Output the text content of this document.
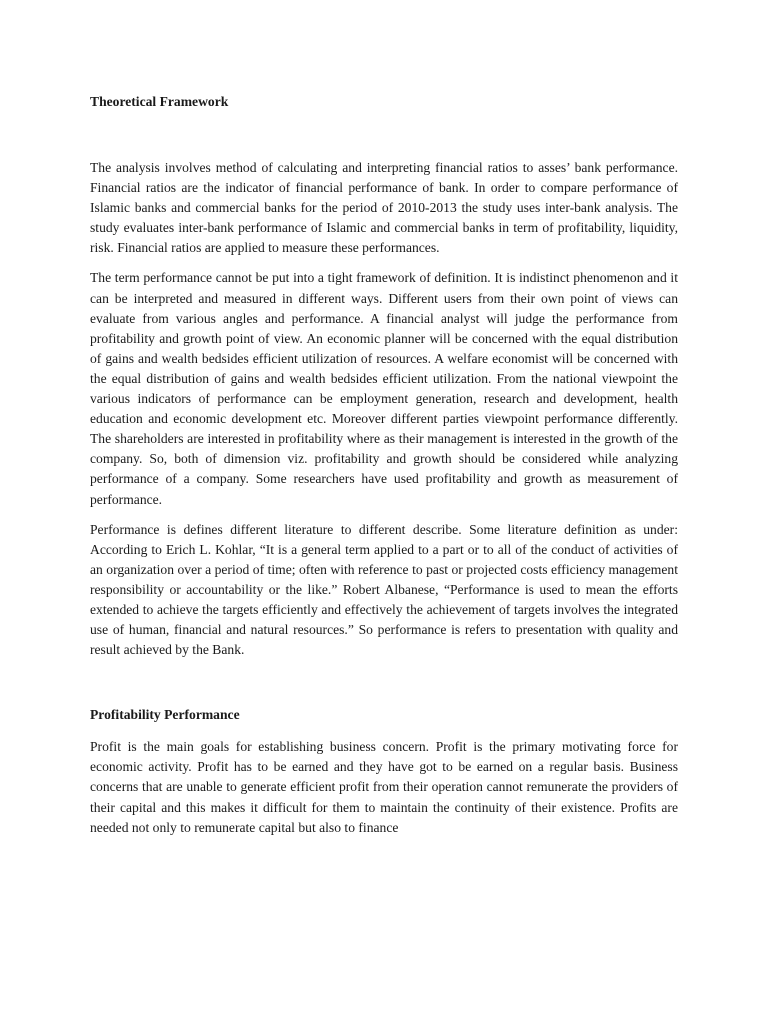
Theoretical Framework

The analysis involves method of calculating and interpreting financial ratios to asses’ bank performance. Financial ratios are the indicator of financial performance of bank. In order to compare performance of Islamic banks and commercial banks for the period of 2010-2013 the study uses inter-bank analysis. The study evaluates inter-bank performance of Islamic and commercial banks in term of profitability, liquidity, risk. Financial ratios are applied to measure these performances.

The term performance cannot be put into a tight framework of definition. It is indistinct phenomenon and it can be interpreted and measured in different ways. Different users from their own point of views can evaluate from various angles and performance. A financial analyst will judge the performance from profitability and growth point of view. An economic planner will be concerned with the equal distribution of gains and wealth bedsides efficient utilization of resources. A welfare economist will be concerned with the equal distribution of gains and wealth bedsides efficient utilization. From the national viewpoint the various indicators of performance can be employment generation, research and development, health education and economic development etc. Moreover different parties viewpoint performance differently. The shareholders are interested in profitability where as their management is interested in the growth of the company. So, both of dimension viz. profitability and growth should be considered while analyzing performance of a company. Some researchers have used profitability and growth as measurement of performance.

Performance is defines different literature to different describe. Some literature definition as under: According to Erich L. Kohlar, “It is a general term applied to a part or to all of the conduct of activities of an organization over a period of time; often with reference to past or projected costs efficiency management responsibility or accountability or the like.” Robert Albanese, “Performance is used to mean the efforts extended to achieve the targets efficiently and effectively the achievement of targets involves the integrated use of human, financial and natural resources.” So performance is refers to presentation with quality and result achieved by the Bank.

Profitability Performance

Profit is the main goals for establishing business concern. Profit is the primary motivating force for economic activity. Profit has to be earned and they have got to be earned on a regular basis. Business concerns that are unable to generate efficient profit from their operation cannot remunerate the providers of their capital and this makes it difficult for them to maintain the continuity of their existence. Profits are needed not only to remunerate capital but also to finance
